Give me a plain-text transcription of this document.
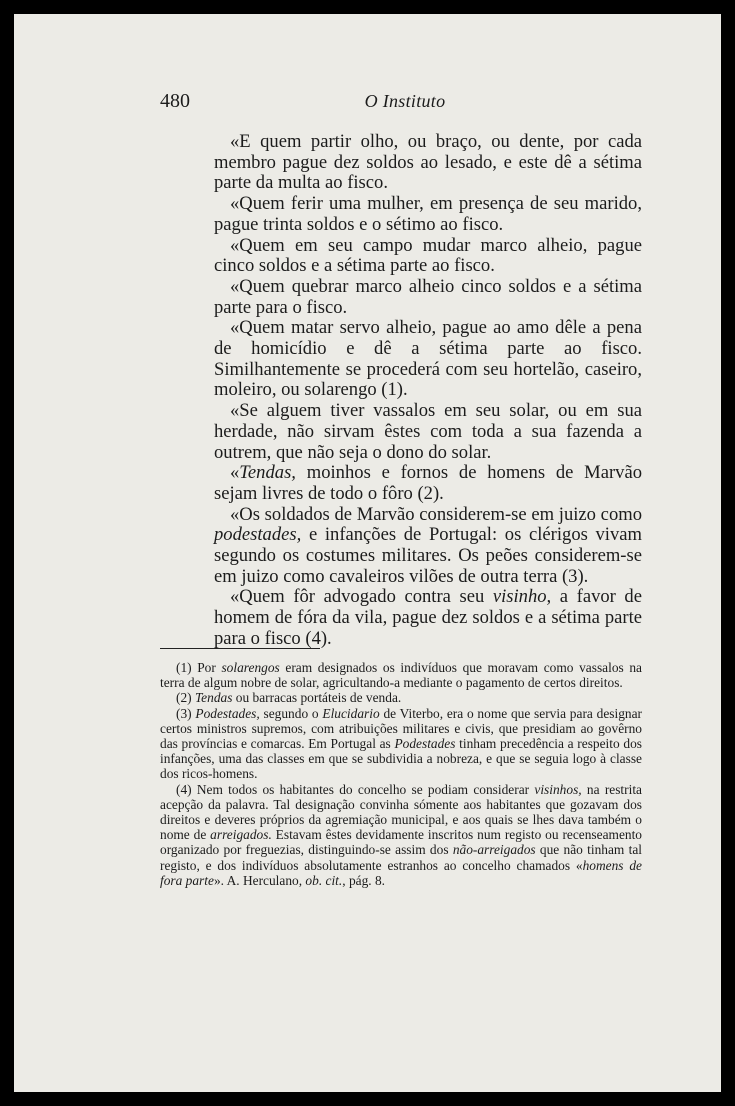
480	O Instituto

«E quem partir olho, ou braço, ou dente, por cada membro pague dez soldos ao lesado, e este dê a sétima parte da multa ao fisco.

«Quem ferir uma mulher, em presença de seu marido, pague trinta soldos e o sétimo ao fisco.

«Quem em seu campo mudar marco alheio, pague cinco soldos e a sétima parte ao fisco.

«Quem quebrar marco alheio cinco soldos e a sétima parte para o fisco.

«Quem matar servo alheio, pague ao amo dêle a pena de homicídio e dê a sétima parte ao fisco. Similhantemente se procederá com seu hortelão, caseiro, moleiro, ou solarengo (1).

«Se alguem tiver vassalos em seu solar, ou em sua herdade, não sirvam êstes com toda a sua fazenda a outrem, que não seja o dono do solar.

«Tendas, moinhos e fornos de homens de Marvão sejam livres de todo o fôro (2).

«Os soldados de Marvão considerem-se em juizo como podestades, e infanções de Portugal: os clérigos vivam segundo os costumes militares. Os peões considerem-se em juizo como cavaleiros vilões de outra terra (3).

«Quem fôr advogado contra seu visinho, a favor de homem de fóra da vila, pague dez soldos e a sétima parte para o fisco (4).

(1) Por solarengos eram designados os indivíduos que moravam como vassalos na terra de algum nobre de solar, agricultando-a mediante o pagamento de certos direitos.

(2) Tendas ou barracas portáteis de venda.

(3) Podestades, segundo o Elucidario de Viterbo, era o nome que servia para designar certos ministros supremos, com atribuições militares e civis, que presidiam ao govêrno das províncias e comarcas. Em Portugal as Podestades tinham precedência a respeito dos infanções, uma das classes em que se subdividia a nobreza, e que se seguia logo à classe dos ricos-homens.

(4) Nem todos os habitantes do concelho se podiam considerar visinhos, na restrita acepção da palavra. Tal designação convinha sómente aos habitantes que gozavam dos direitos e deveres próprios da agremiação municipal, e aos quais se lhes dava também o nome de arreigados. Estavam êstes devidamente inscritos num registo ou recenseamento organizado por freguezias, distinguindo-se assim dos não-arreigados que não tinham tal registo, e dos indivíduos absolutamente estranhos ao concelho chamados «homens de fora parte». A. Herculano, ob. cit., pág. 8.
